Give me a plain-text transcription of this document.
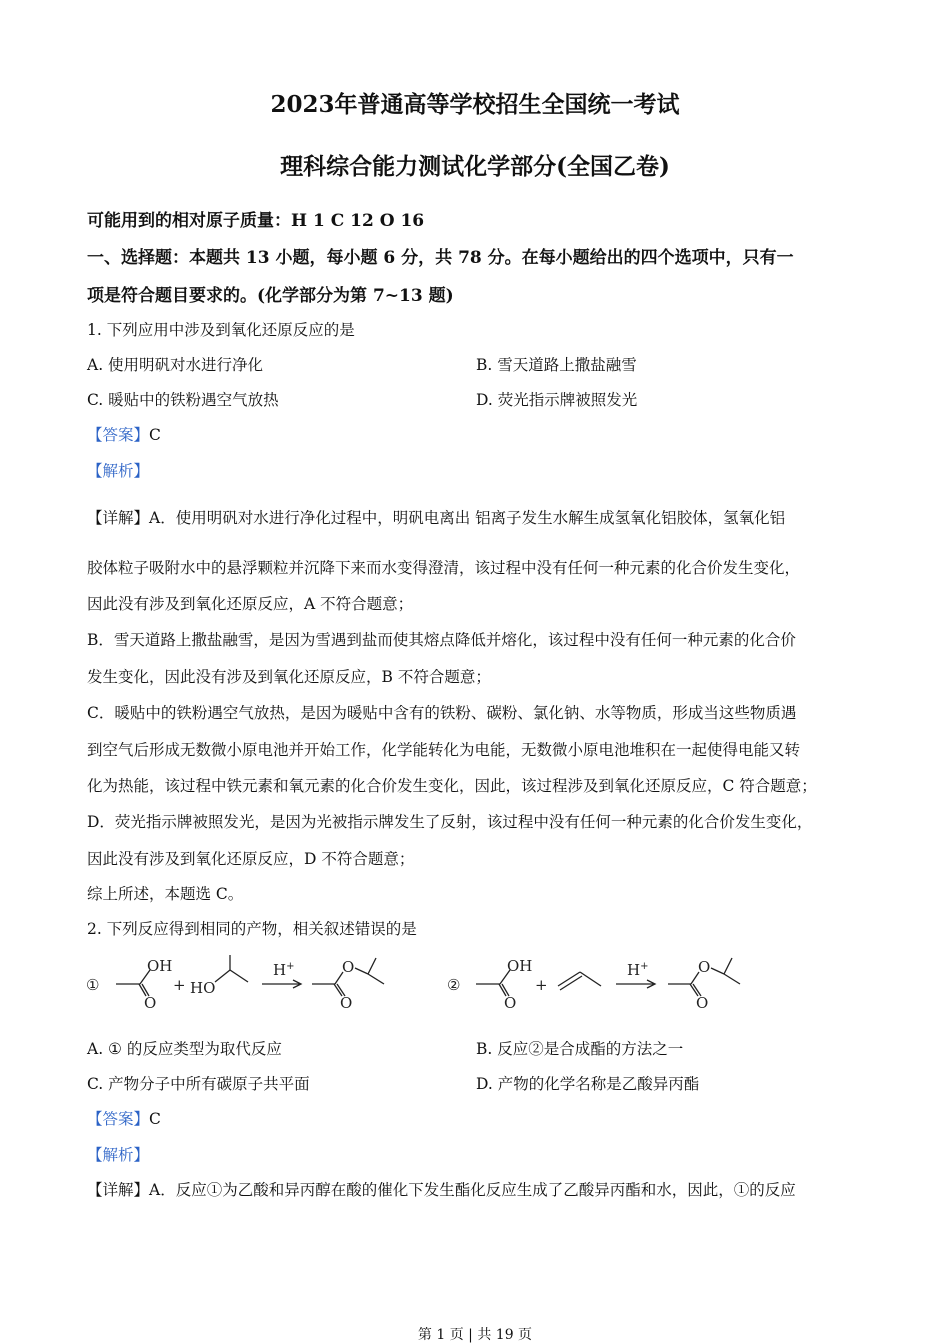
2023年普通高等学校招生全国统一考试
理科综合能力测试化学部分(全国乙卷)
可能用到的相对原子质量：H 1 C 12 O 16
一、选择题：本题共 13 小题，每小题 6 分，共 78 分。在每小题给出的四个选项中，只有一
项是符合题目要求的。(化学部分为第 7~13 题)
1. 下列应用中涉及到氧化还原反应的是
A. 使用明矾对水进行净化	B. 雪天道路上撒盐融雪
C. 暖贴中的铁粉遇空气放热	D. 荧光指示牌被照发光
【答案】C
【解析】
【详解】A．使用明矾对水进行净化过程中，明矾电离出 铝离子发生水解生成氢氧化铝胶体，氢氧化铝
胶体粒子吸附水中的悬浮颗粒并沉降下来而水变得澄清，该过程中没有任何一种元素的化合价发生变化，
因此没有涉及到氧化还原反应，A 不符合题意；
B．雪天道路上撒盐融雪，是因为雪遇到盐而使其熔点降低并熔化，该过程中没有任何一种元素的化合价
发生变化，因此没有涉及到氧化还原反应，B 不符合题意；
C．暖贴中的铁粉遇空气放热，是因为暖贴中含有的铁粉、碳粉、氯化钠、水等物质，形成当这些物质遇
到空气后形成无数微小原电池并开始工作，化学能转化为电能，无数微小原电池堆积在一起使得电能又转
化为热能，该过程中铁元素和氧元素的化合价发生变化，因此，该过程涉及到氧化还原反应，C 符合题意；
D．荧光指示牌被照发光，是因为光被指示牌发生了反射，该过程中没有任何一种元素的化合价发生变化，
因此没有涉及到氧化还原反应，D 不符合题意；
综上所述，本题选 C。
2. 下列反应得到相同的产物，相关叙述错误的是
①
OH
O
+ HO
H+	O
O
②
OH
O
+
H+	O
O
A. ① 的反应类型为取代反应	B. 反应②是合成酯的方法之一
C. 产物分子中所有碳原子共平面	D. 产物的化学名称是乙酸异丙酯
【答案】C
【解析】
【详解】A．反应①为乙酸和异丙醇在酸的催化下发生酯化反应生成了乙酸异丙酯和水，因此，①的反应
第 1 页 | 共 19 页
